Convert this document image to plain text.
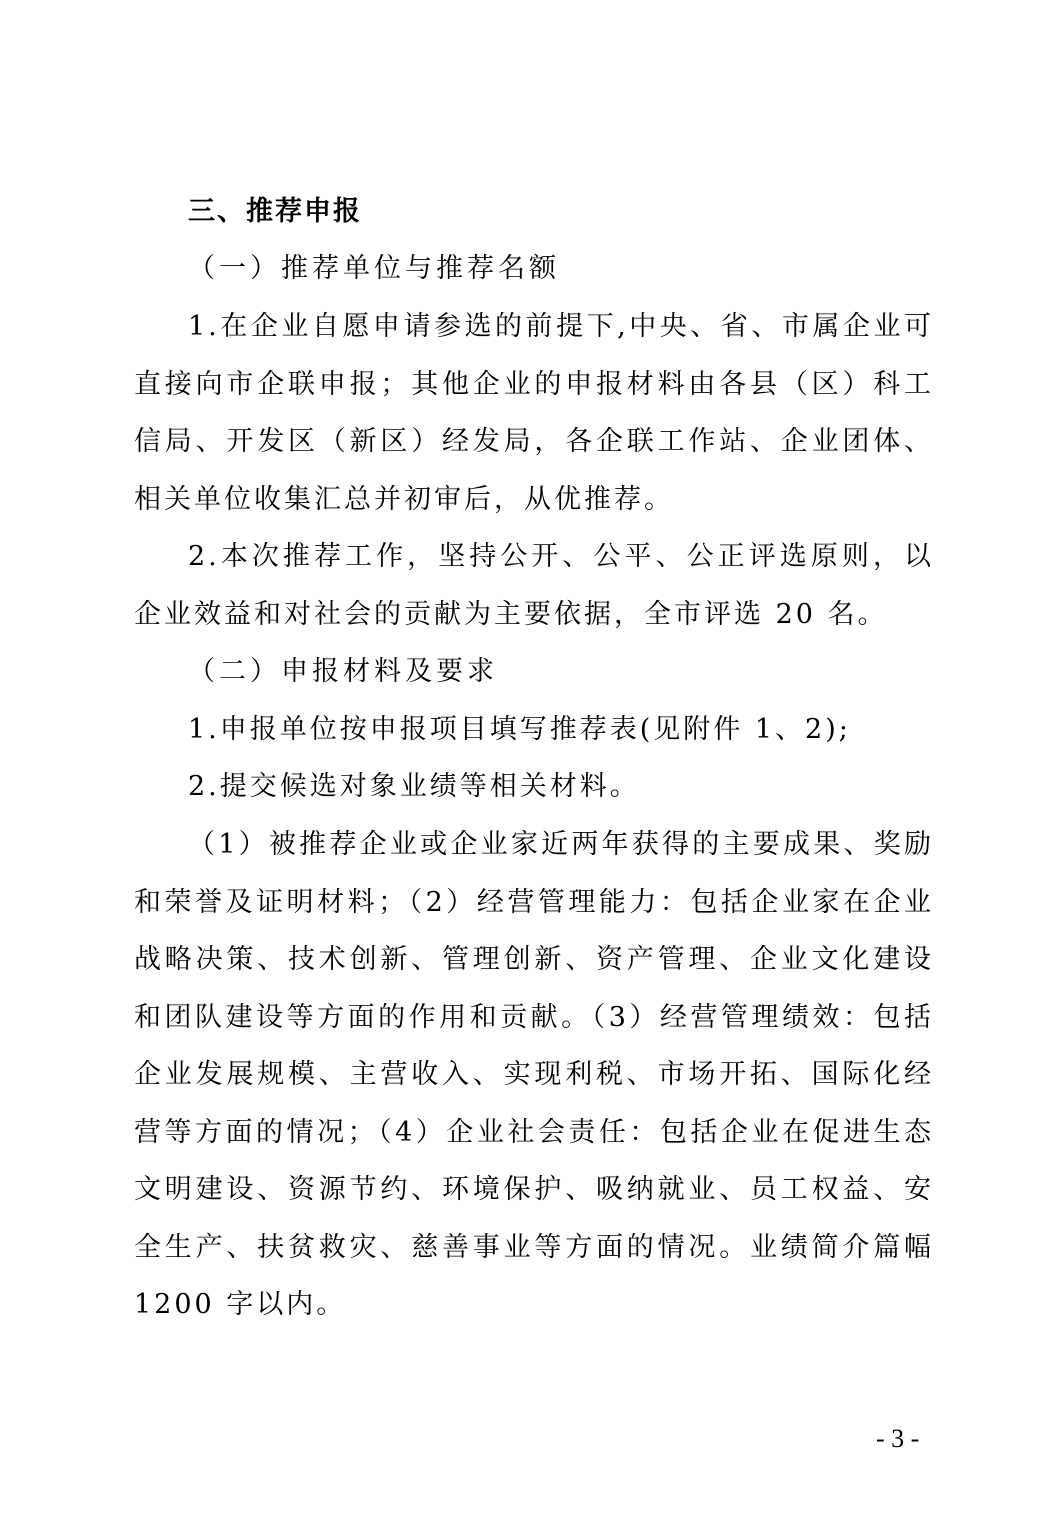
三、推荐申报
（一）推荐单位与推荐名额
1.在企业自愿申请参选的前提下,中央、省、市属企业可直接向市企联申报；其他企业的申报材料由各县（区）科工信局、开发区（新区）经发局，各企联工作站、企业团体、相关单位收集汇总并初审后，从优推荐。
2.本次推荐工作，坚持公开、公平、公正评选原则，以企业效益和对社会的贡献为主要依据，全市评选 20 名。
（二）申报材料及要求
1.申报单位按申报项目填写推荐表(见附件 1、2);
2.提交候选对象业绩等相关材料。
（1）被推荐企业或企业家近两年获得的主要成果、奖励和荣誉及证明材料；（2）经营管理能力：包括企业家在企业战略决策、技术创新、管理创新、资产管理、企业文化建设和团队建设等方面的作用和贡献。（3）经营管理绩效：包括企业发展规模、主营收入、实现利税、市场开拓、国际化经营等方面的情况；（4）企业社会责任：包括企业在促进生态文明建设、资源节约、环境保护、吸纳就业、员工权益、安全生产、扶贫救灾、慈善事业等方面的情况。业绩简介篇幅 1200 字以内。
- 3 -
